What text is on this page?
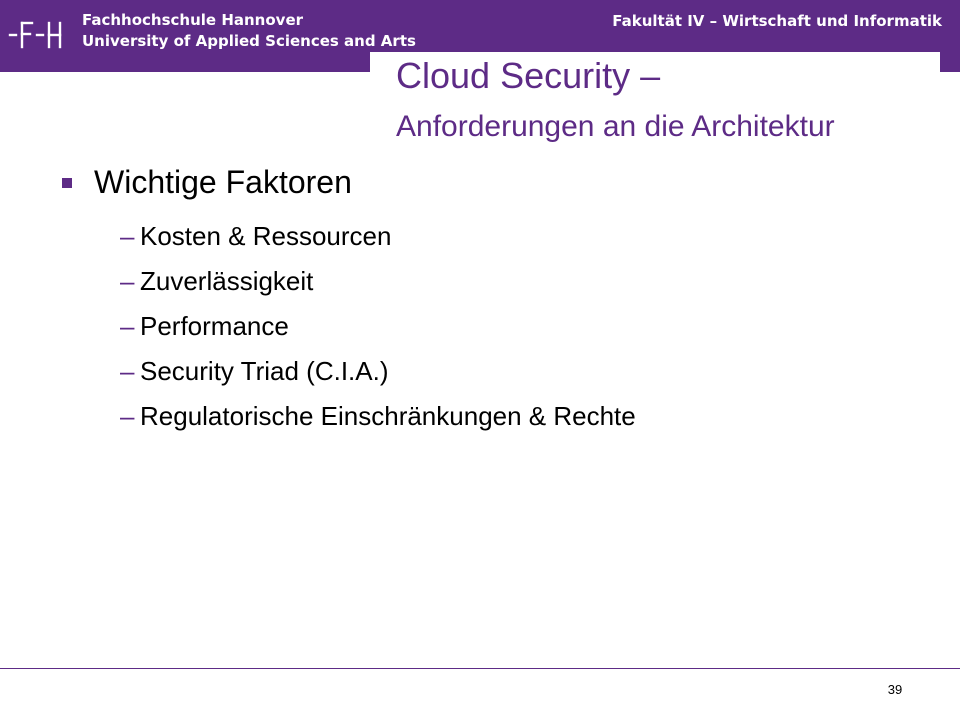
Fachhochschule Hannover
University of Applied Sciences and Arts
Fakultät IV – Wirtschaft und Informatik
Cloud Security –
Anforderungen an die Architektur
Wichtige Faktoren
– Kosten & Ressourcen
– Zuverlässigkeit
– Performance
– Security Triad (C.I.A.)
– Regulatorische Einschränkungen & Rechte
39
